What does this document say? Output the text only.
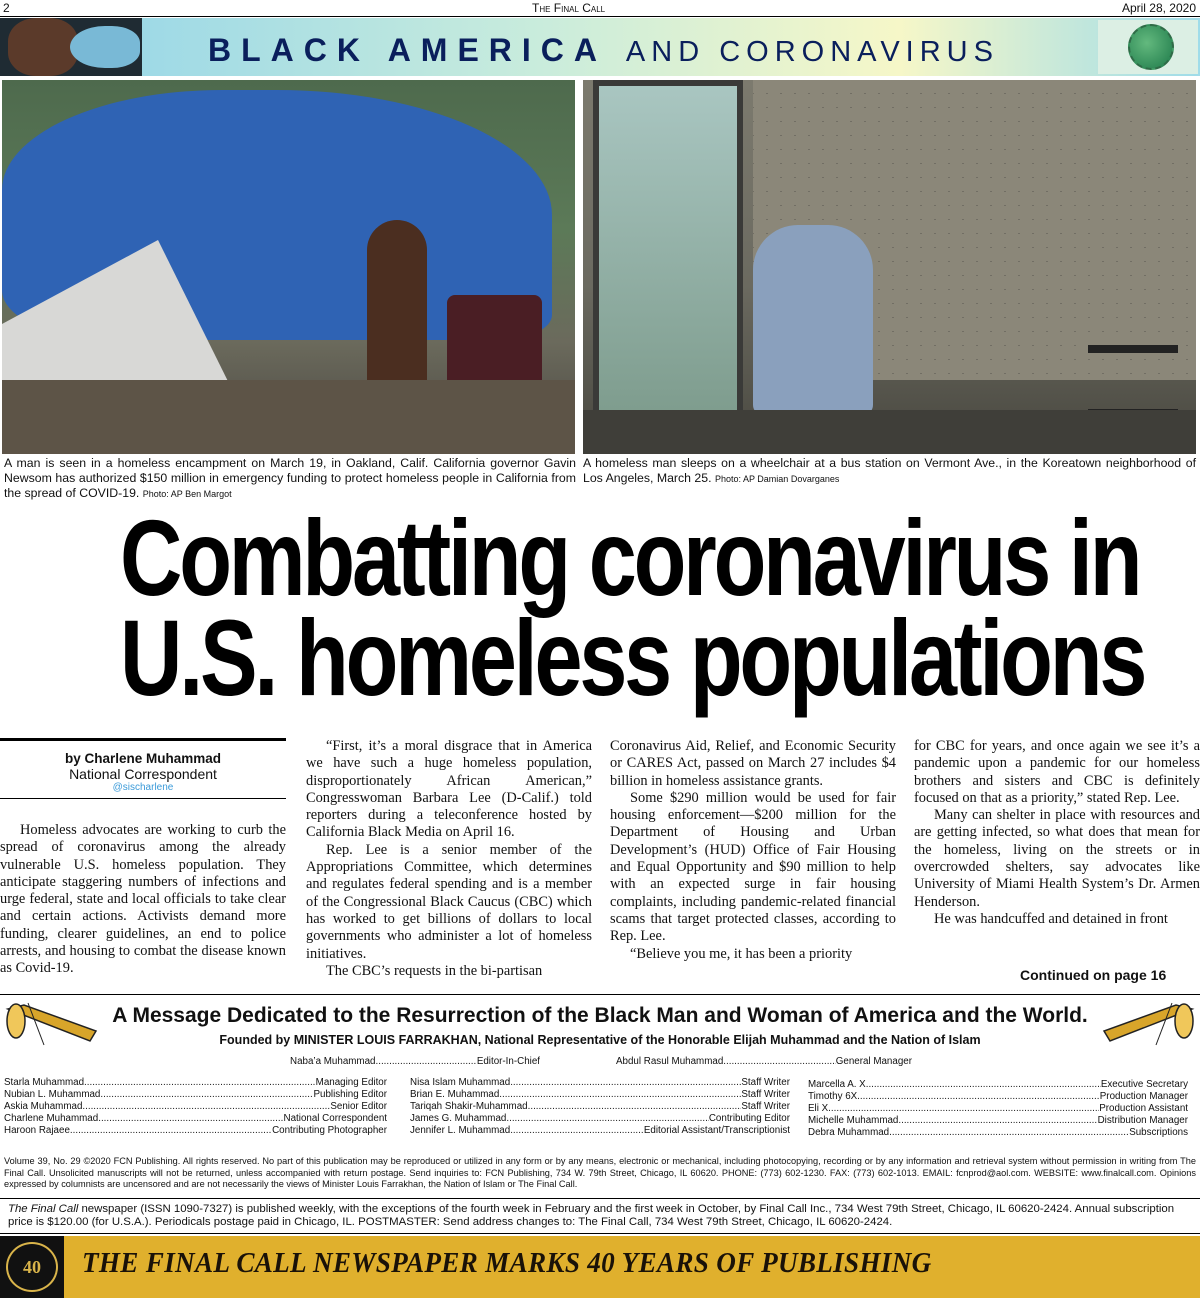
2	The Final Call	April 28, 2020
BLACK AMERICA AND CORONAVIRUS
A man is seen in a homeless encampment on March 19, in Oakland, Calif. California governor Gavin Newsom has authorized $150 million in emergency funding to protect homeless people in California from the spread of COVID-19. Photo: AP Ben Margot
A homeless man sleeps on a wheelchair at a bus station on Vermont Ave., in the Koreatown neighborhood of Los Angeles, March 25. Photo: AP Damian Dovarganes
Combatting coronavirus in
U.S. homeless populations
by Charlene Muhammad
National Correspondent
@sischarlene

Homeless advocates are working to curb the spread of coronavirus among the already vulnerable U.S. homeless population. They anticipate staggering numbers of infections and urge federal, state and local officials to take clear and certain actions. Activists demand more funding, clearer guidelines, an end to police arrests, and housing to combat the disease known as Covid-19.

“First, it’s a moral disgrace that in America we have such a huge homeless population, disproportionately African American,” Congresswoman Barbara Lee (D-Calif.) told reporters during a teleconference hosted by California Black Media on April 16.

Rep. Lee is a senior member of the Appropriations Committee, which determines and regulates federal spending and is a member of the Congressional Black Caucus (CBC) which has worked to get billions of dollars to local governments who administer a lot of homeless initiatives.

The CBC’s requests in the bi-partisan

Coronavirus Aid, Relief, and Economic Security or CARES Act, passed on March 27 includes $4 billion in homeless assistance grants.

Some $290 million would be used for fair housing enforcement—$200 million for the Department of Housing and Urban Development’s (HUD) Office of Fair Housing and Equal Opportunity and $90 million to help with an expected surge in fair housing complaints, including pandemic-related financial scams that target protected classes, according to Rep. Lee.

“Believe you me, it has been a priority

for CBC for years, and once again we see it’s a pandemic upon a pandemic for our homeless brothers and sisters and CBC is definitely focused on that as a priority,” stated Rep. Lee.

Many can shelter in place with resources and are getting infected, so what does that mean for the homeless, living on the streets or in overcrowded shelters, say advocates like University of Miami Health System’s Dr. Armen Henderson.

He was handcuffed and detained in front

Continued on page 16
A Message Dedicated to the Resurrection of the Black Man and Woman of America and the World.
Founded by MINISTER LOUIS FARRAKHAN, National Representative of the Honorable Elijah Muhammad and the Nation of Islam
Naba’a Muhammad .....	Editor-In-Chief	Abdul Rasul Muhammad .....	General Manager
Starla Muhammad .....	Managing Editor
Nubian L. Muhammad .....	Publishing Editor
Askia Muhammad .....	Senior Editor
Charlene Muhammad .....	National Correspondent
Haroon Rajaee .....	Contributing Photographer
Nisa Islam Muhammad .....	Staff Writer
Brian E. Muhammad .....	Staff Writer
Tariqah Shakir-Muhammad .....	Staff Writer
James G. Muhammad .....	Contributing Editor
Jennifer L. Muhammad .....	Editorial Assistant/Transcriptionist
Marcella A. X. .....	Executive Secretary
Timothy 6X. .....	Production Manager
Eli X. .....	Production Assistant
Michelle Muhammad .....	Distribution Manager
Debra Muhammad .....	Subscriptions
Volume 39, No. 29 ©2020 FCN Publishing. All rights reserved. No part of this publication may be reproduced or utilized in any form or by any means, electronic or mechanical, including photocopying, recording or by any information and retrieval system without permission in writing from The Final Call. Unsolicited manuscripts will not be returned, unless accompanied with return postage. Send inquiries to: FCN Publishing, 734 W. 79th Street, Chicago, IL 60620. PHONE: (773) 602-1230. FAX: (773) 602-1013. EMAIL: fcnprod@aol.com. WEBSITE: www.finalcall.com. Opinions expressed by columnists are uncensored and are not necessarily the views of Minister Louis Farrakhan, the Nation of Islam or The Final Call.
The Final Call newspaper (ISSN 1090-7327) is published weekly, with the exceptions of the fourth week in February and the first week in October, by Final Call Inc., 734 West 79th Street, Chicago, IL 60620-2424. Annual subscription price is $120.00 (for U.S.A.). Periodicals postage paid in Chicago, IL. POSTMASTER: Send address changes to: The Final Call, 734 West 79th Street, Chicago, IL 60620-2424.
40	THE FINAL CALL NEWSPAPER MARKS 40 YEARS OF PUBLISHING
